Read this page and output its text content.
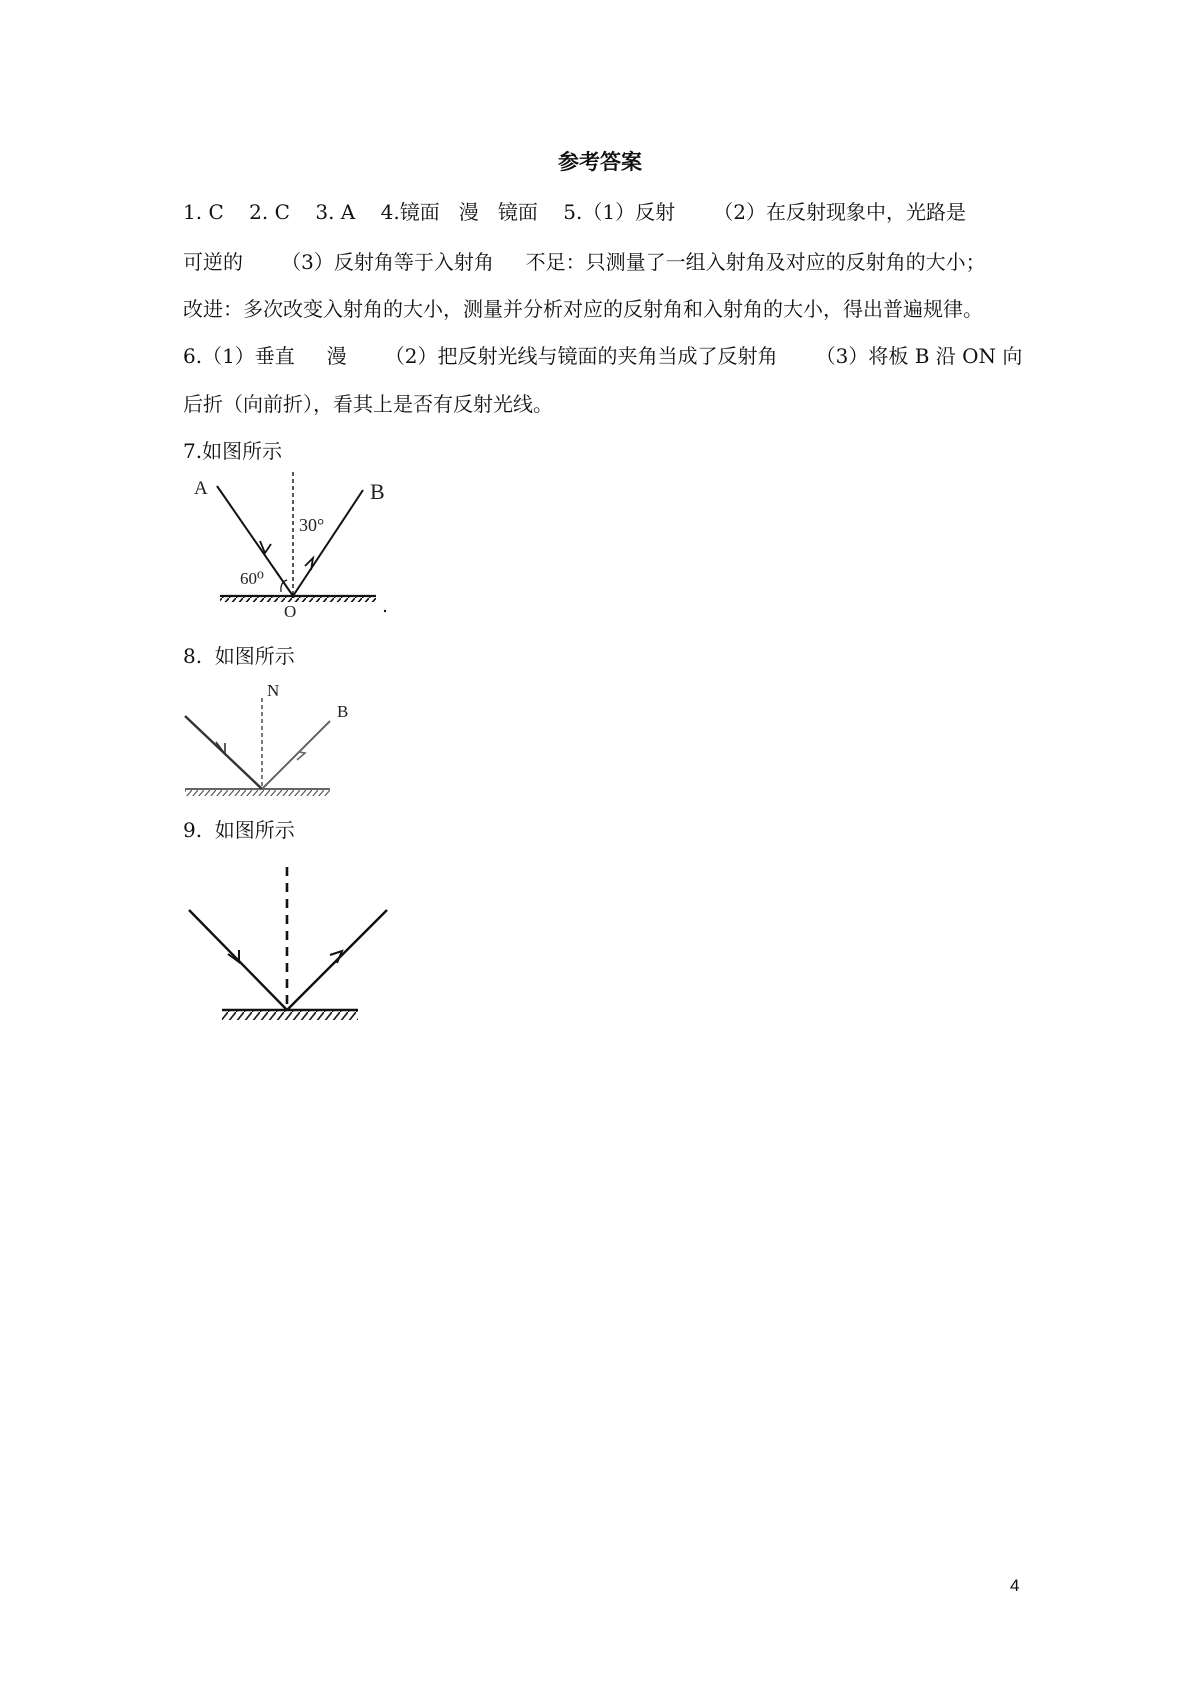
参考答案
1. C    2. C    3. A    4.镜面   漫   镜面    5.（1）反射      （2）在反射现象中，光路是
可逆的      （3）反射角等于入射角     不足：只测量了一组入射角及对应的反射角的大小；
改进：多次改变入射角的大小，测量并分析对应的反射角和入射角的大小，得出普遍规律。
6.（1）垂直     漫      （2）把反射光线与镜面的夹角当成了反射角      （3）将板 B 沿 ON 向
后折（向前折），看其上是否有反射光线。
7.如图所示
8.  如图所示
9.  如图所示
A	B
O
30°
60⁰
N
B
4
